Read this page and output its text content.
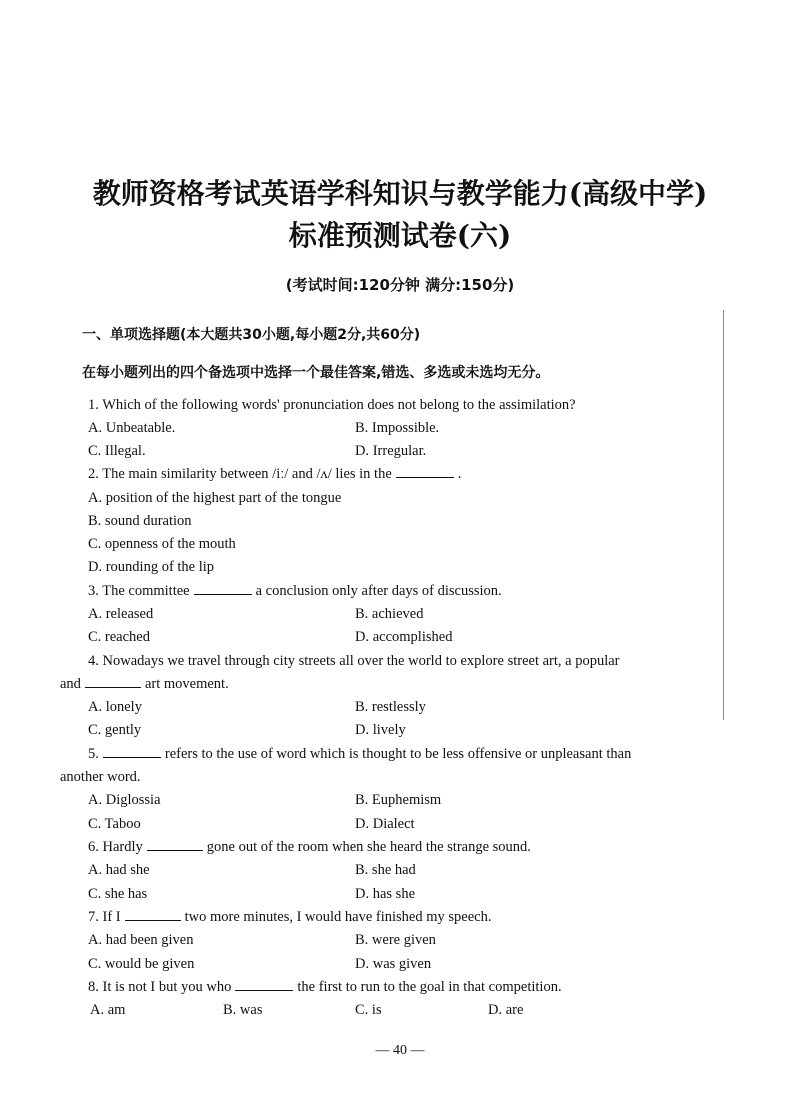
教师资格考试英语学科知识与教学能力(高级中学)
标准预测试卷(六)
(考试时间:120分钟 满分:150分)
一、单项选择题(本大题共30小题,每小题2分,共60分)
在每小题列出的四个备选项中选择一个最佳答案,错选、多选或未选均无分。
1. Which of the following words' pronunciation does not belong to the assimilation?
A. Unbeatable.	B. Impossible.
C. Illegal.	D. Irregular.
2. The main similarity between /iː/ and /ʌ/ lies in the	.
A. position of the highest part of the tongue
B. sound duration
C. openness of the mouth
D. rounding of the lip
3. The committee	a conclusion only after days of discussion.
A. released	B. achieved
C. reached	D. accomplished
4. Nowadays we travel through city streets all over the world to explore street art, a popular
and	art movement.
A. lonely	B. restlessly
C. gently	D. lively
5.	refers to the use of word which is thought to be less offensive or unpleasant than
another word.
A. Diglossia	B. Euphemism
C. Taboo	D. Dialect
6. Hardly	gone out of the room when she heard the strange sound.
A. had she	B. she had
C. she has	D. has she
7. If I	two more minutes, I would have finished my speech.
A. had been given	B. were given
C. would be given	D. was given
8. It is not I but you who	the first to run to the goal in that competition.
A. am	B. was	C. is	D. are
— 40 —
